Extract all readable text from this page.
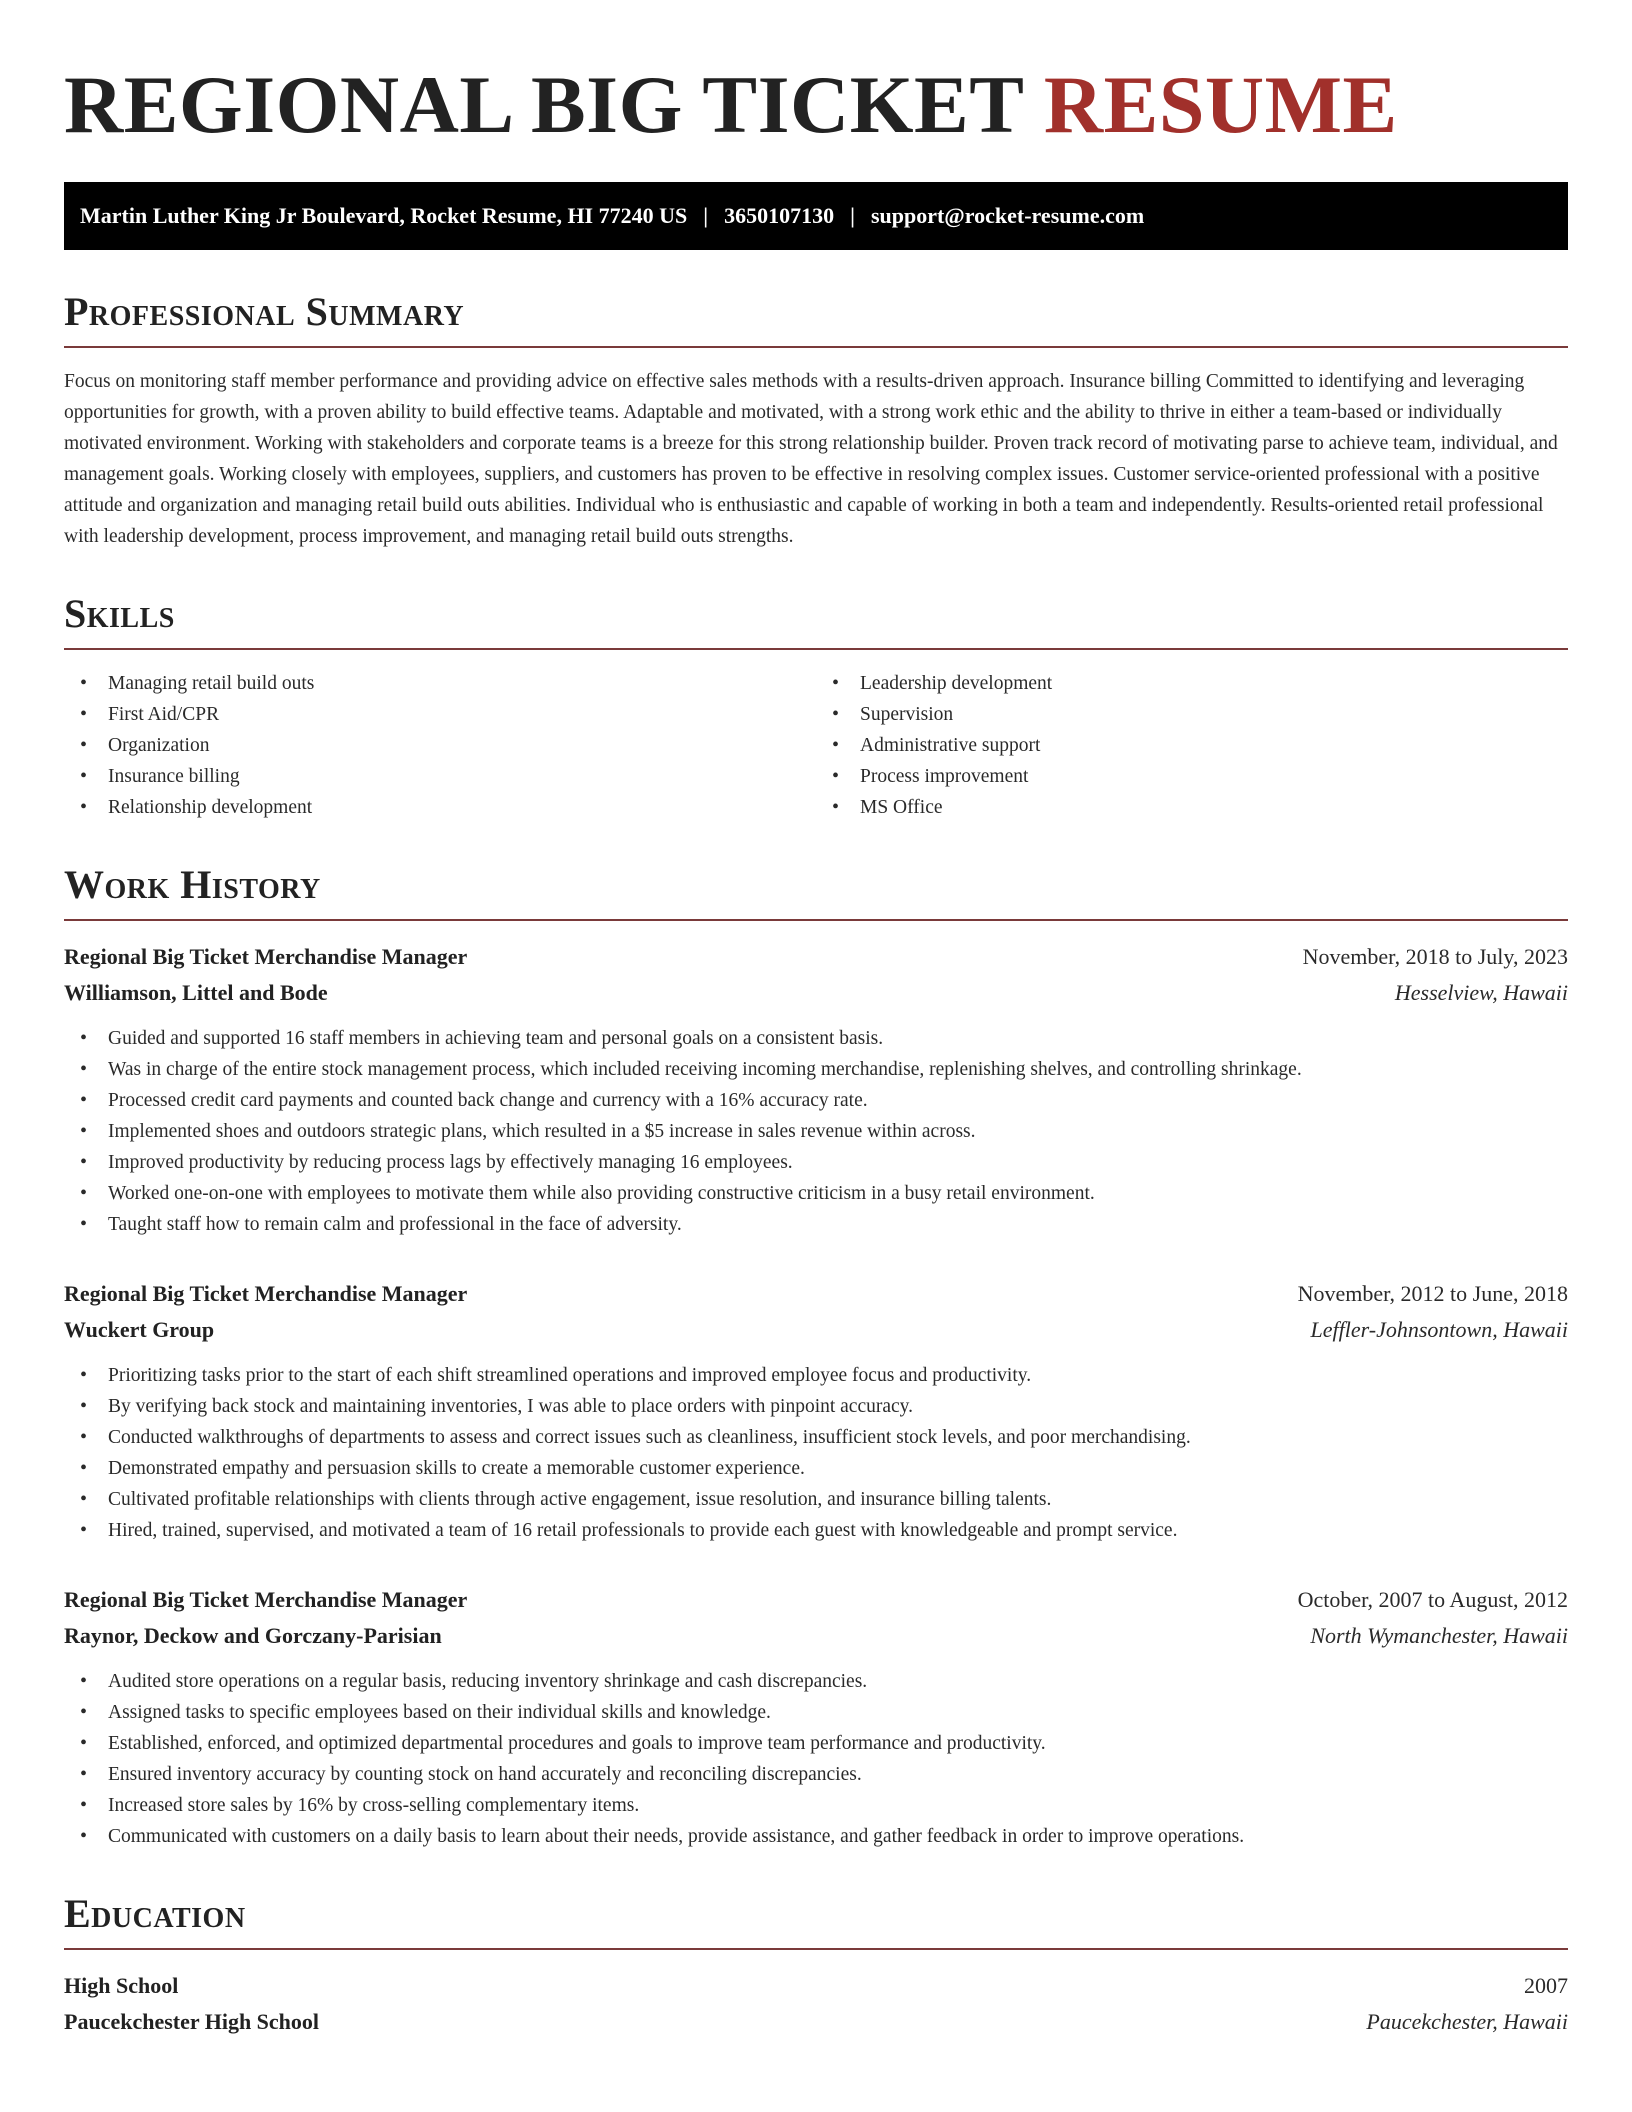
REGIONAL BIG TICKET RESUME
Martin Luther King Jr Boulevard, Rocket Resume, HI 77240 US | 3650107130 | support@rocket-resume.com
Professional Summary

Focus on monitoring staff member performance and providing advice on effective sales methods with a results-driven approach. Insurance billing Committed to identifying and leveraging opportunities for growth, with a proven ability to build effective teams. Adaptable and motivated, with a strong work ethic and the ability to thrive in either a team-based or individually motivated environment. Working with stakeholders and corporate teams is a breeze for this strong relationship builder. Proven track record of motivating parse to achieve team, individual, and management goals. Working closely with employees, suppliers, and customers has proven to be effective in resolving complex issues. Customer service-oriented professional with a positive attitude and organization and managing retail build outs abilities. Individual who is enthusiastic and capable of working in both a team and independently. Results-oriented retail professional with leadership development, process improvement, and managing retail build outs strengths.

Skills
• Managing retail build outs
• First Aid/CPR
• Organization
• Insurance billing
• Relationship development
• Leadership development
• Supervision
• Administrative support
• Process improvement
• MS Office
Work History
Regional Big Ticket Merchandise Manager	November, 2018 to July, 2023
Williamson, Littel and Bode	Hesselview, Hawaii
• Guided and supported 16 staff members in achieving team and personal goals on a consistent basis.
• Was in charge of the entire stock management process, which included receiving incoming merchandise, replenishing shelves, and controlling shrinkage.
• Processed credit card payments and counted back change and currency with a 16% accuracy rate.
• Implemented shoes and outdoors strategic plans, which resulted in a $5 increase in sales revenue within across.
• Improved productivity by reducing process lags by effectively managing 16 employees.
• Worked one-on-one with employees to motivate them while also providing constructive criticism in a busy retail environment.
• Taught staff how to remain calm and professional in the face of adversity.
Regional Big Ticket Merchandise Manager	November, 2012 to June, 2018
Wuckert Group	Leffler-Johnsontown, Hawaii
• Prioritizing tasks prior to the start of each shift streamlined operations and improved employee focus and productivity.
• By verifying back stock and maintaining inventories, I was able to place orders with pinpoint accuracy.
• Conducted walkthroughs of departments to assess and correct issues such as cleanliness, insufficient stock levels, and poor merchandising.
• Demonstrated empathy and persuasion skills to create a memorable customer experience.
• Cultivated profitable relationships with clients through active engagement, issue resolution, and insurance billing talents.
• Hired, trained, supervised, and motivated a team of 16 retail professionals to provide each guest with knowledgeable and prompt service.
Regional Big Ticket Merchandise Manager	October, 2007 to August, 2012
Raynor, Deckow and Gorczany-Parisian	North Wymanchester, Hawaii
• Audited store operations on a regular basis, reducing inventory shrinkage and cash discrepancies.
• Assigned tasks to specific employees based on their individual skills and knowledge.
• Established, enforced, and optimized departmental procedures and goals to improve team performance and productivity.
• Ensured inventory accuracy by counting stock on hand accurately and reconciling discrepancies.
• Increased store sales by 16% by cross-selling complementary items.
• Communicated with customers on a daily basis to learn about their needs, provide assistance, and gather feedback in order to improve operations.
Education
High School	2007
Paucekchester High School	Paucekchester, Hawaii
